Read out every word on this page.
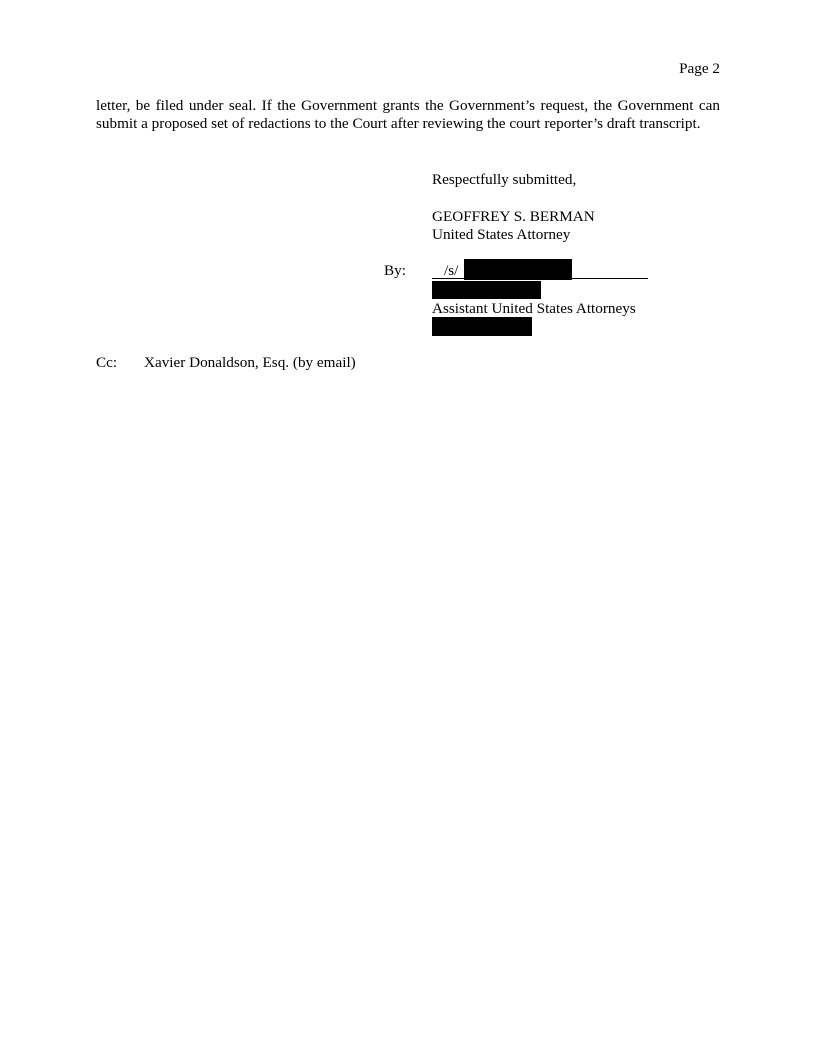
Page 2

letter, be filed under seal. If the Government grants the Government’s request, the Government can submit a proposed set of redactions to the Court after reviewing the court reporter’s draft transcript.

Respectfully submitted,
GEOFFREY S. BERMAN
United States Attorney
By:	/s/
Assistant United States Attorneys
Cc: Xavier Donaldson, Esq. (by email)
